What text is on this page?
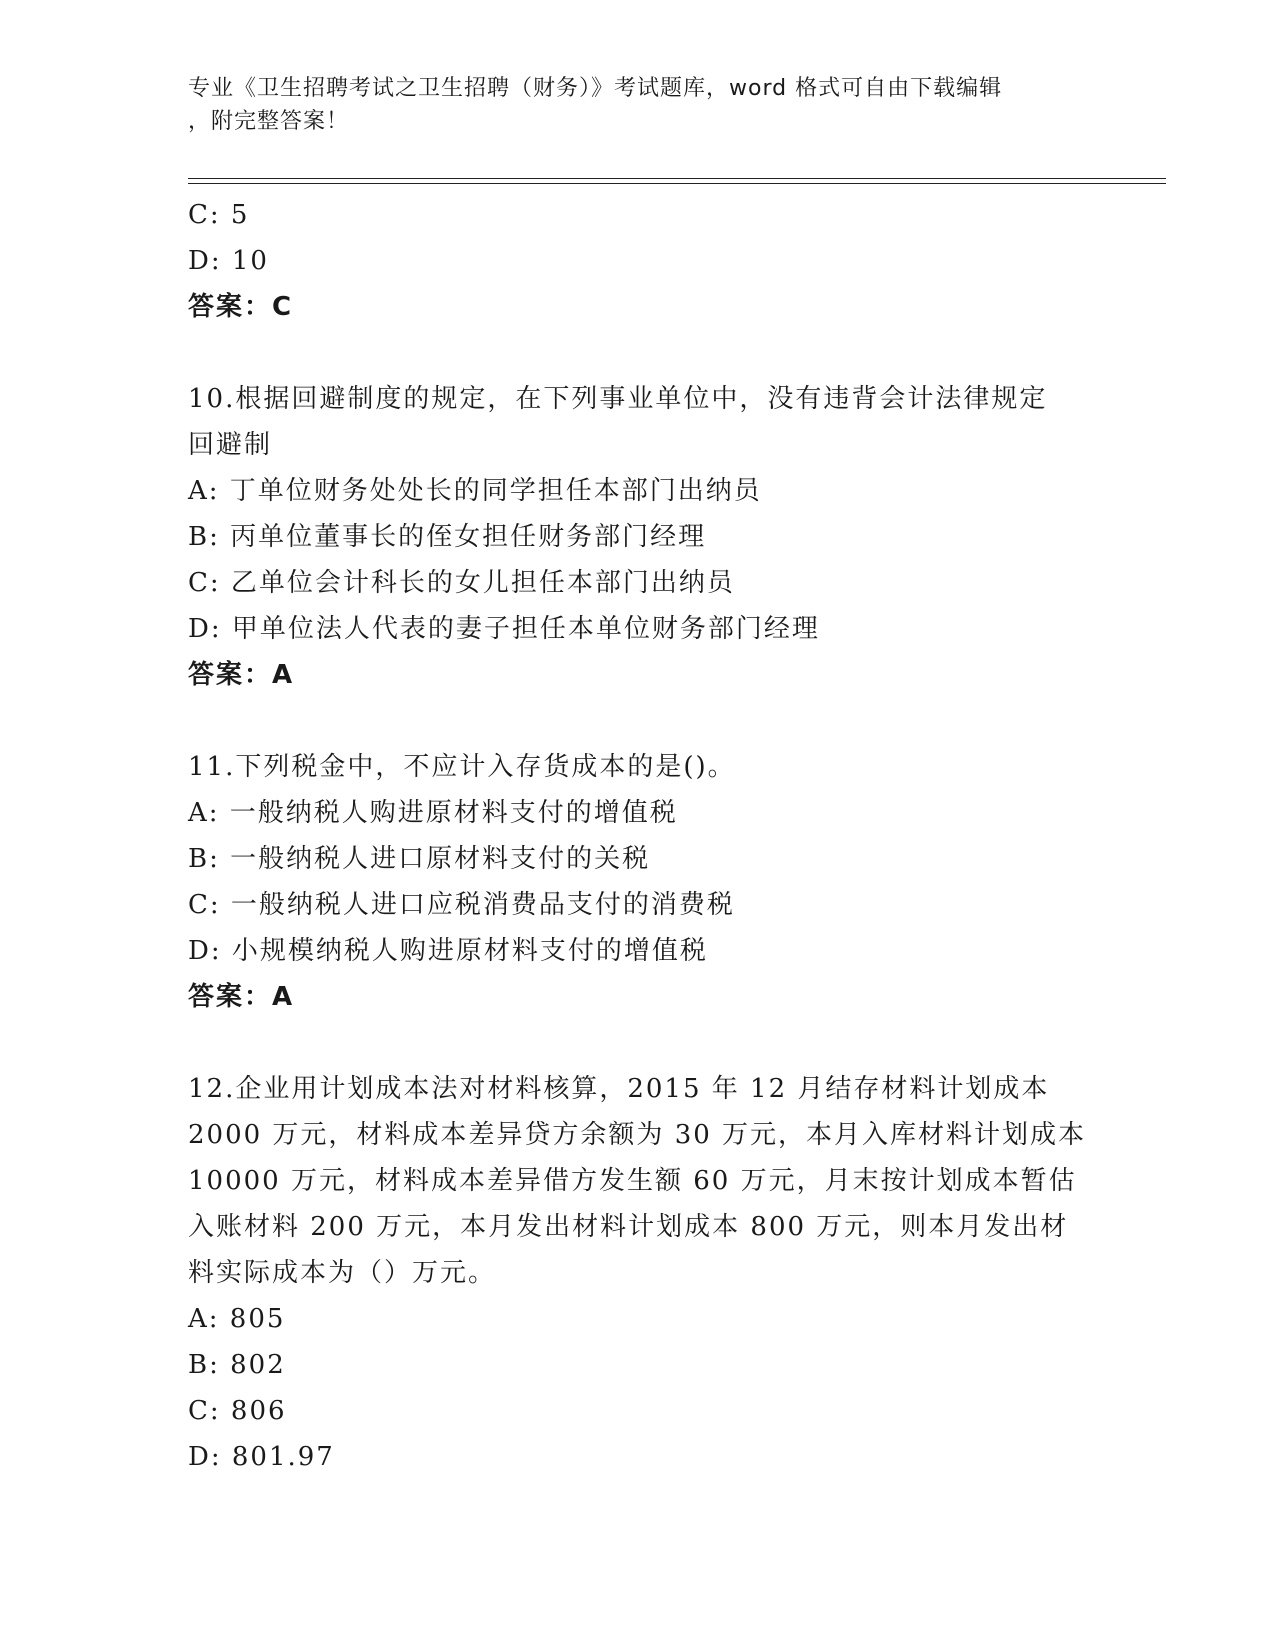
专业《卫生招聘考试之卫生招聘（财务）》考试题库，word 格式可自由下载编辑
，附完整答案！
C: 5
D: 10
答案：C
10.根据回避制度的规定，在下列事业单位中，没有违背会计法律规定
回避制
A: 丁单位财务处处长的同学担任本部门出纳员
B: 丙单位董事长的侄女担任财务部门经理
C: 乙单位会计科长的女儿担任本部门出纳员
D: 甲单位法人代表的妻子担任本单位财务部门经理
答案：A
11.下列税金中，不应计入存货成本的是()。
A: 一般纳税人购进原材料支付的增值税
B: 一般纳税人进口原材料支付的关税
C: 一般纳税人进口应税消费品支付的消费税
D: 小规模纳税人购进原材料支付的增值税
答案：A
12.企业用计划成本法对材料核算，2015 年 12 月结存材料计划成本
2000 万元，材料成本差异贷方余额为 30 万元，本月入库材料计划成本
10000 万元，材料成本差异借方发生额 60 万元，月末按计划成本暂估
入账材料 200 万元，本月发出材料计划成本 800 万元，则本月发出材
料实际成本为（）万元。
A: 805
B: 802
C: 806
D: 801.97
